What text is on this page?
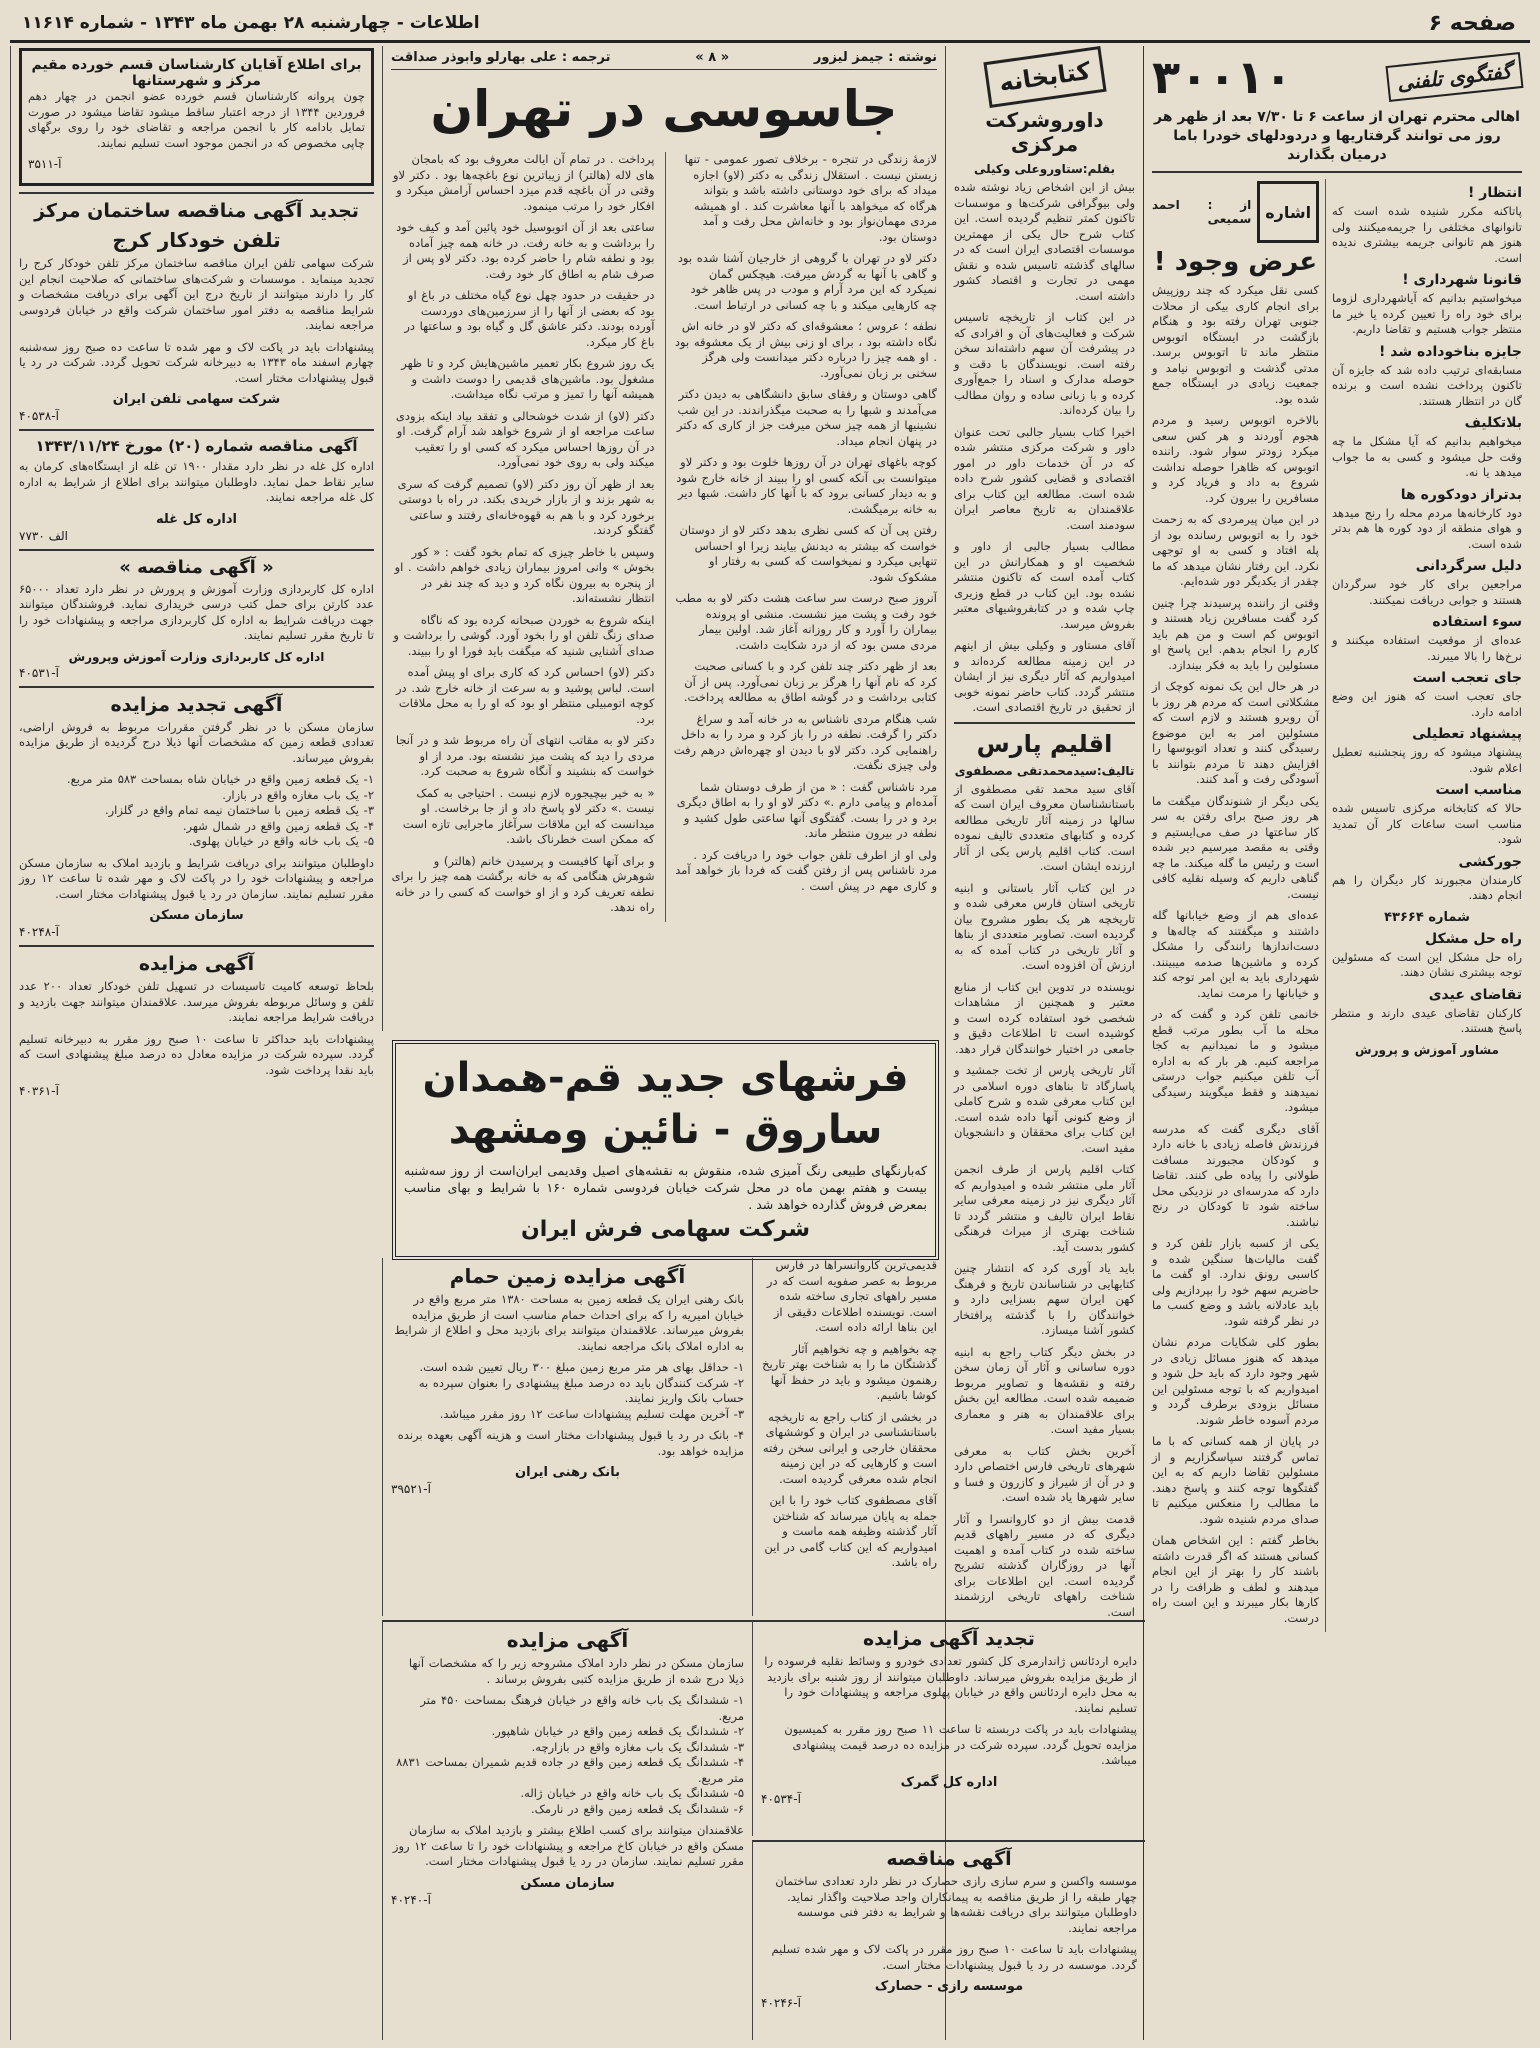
صفحه ۶
اطلاعات - چهارشنبه ۲۸ بهمن ماه ۱۳۴۳ - شماره ۱۱۶۱۴
گفتگوی تلفنی
۳۰۰۱۰
اهالی محترم تهران از ساعت ۶ تا ۷/۳۰ بعد از ظهر هر روز می توانند گرفتاریها و دردودلهای خودرا باما درمیان بگذارند
انتظار !

پاتاکنه مکرر شنیده شده است که تانوانهای مختلفی را جریمه‌میکنند ولی هنوز هم تانوانی جریمه بیشتری ندیده است.

قانونا شهرداری !

میخواستیم بدانیم که آیاشهرداری لزوما برای خود راه را تعیین کرده یا خیر ما منتظر جواب هستیم و تقاضا داریم.

جایزه بناخوداده شد !

مسابقه‌ای ترتیب داده شد که جایزه آن تاکنون پرداخت نشده است و برنده گان در انتظار هستند.

بلاتکلیف

میخواهیم بدانیم که آیا مشکل ما چه وقت حل میشود و کسی به ما جواب میدهد یا نه.

بدتراز دودکوره ها

دود کارخانه‌ها مردم محله را رنج میدهد و هوای منطقه از دود کوره ها هم بدتر شده است.

دلیل سرگردانی

مراجعین برای کار خود سرگردان هستند و جوابی دریافت نمیکنند.

سوء استفاده

عده‌ای از موقعیت استفاده میکنند و نرخ‌ها را بالا میبرند.

جای تعجب است

جای تعجب است که هنوز این وضع ادامه دارد.

پیشنهاد تعطیلی

پیشنهاد میشود که روز پنجشنبه تعطیل اعلام شود.

مناسب است

حالا که کتابخانه مرکزی تاسیس شده مناسب است ساعات کار آن تمدید شود.

جورکشی

کارمندان مجبورند کار دیگران را هم انجام دهند.

شماره ۴۳۶۶۴
راه حل مشکل

راه حل مشکل این است که مسئولین توجه بیشتری نشان دهند.

تقاضای عیدی

کارکنان تقاضای عیدی دارند و منتظر پاسخ هستند.

مشاور آموزش و پرورش
اشاره
از : احمد سمیعی
عرض وجود !

کسی نقل میکرد که چند روزپیش برای انجام کاری بیکی از محلات جنوبی تهران رفته بود و هنگام بازگشت در ایستگاه اتوبوس منتظر ماند تا اتوبوس برسد. مدتی گذشت و اتوبوس نیامد و جمعیت زیادی در ایستگاه جمع شده بود.

بالاخره اتوبوس رسید و مردم هجوم آوردند و هر کس سعی میکرد زودتر سوار شود. راننده اتوبوس که ظاهرا حوصله نداشت شروع به داد و فریاد کرد و مسافرین را بیرون کرد.

در این میان پیرمردی که به زحمت خود را به اتوبوس رسانده بود از پله افتاد و کسی به او توجهی نکرد. این رفتار نشان میدهد که ما چقدر از یکدیگر دور شده‌ایم.

وقتی از راننده پرسیدند چرا چنین کرد گفت مسافرین زیاد هستند و اتوبوس کم است و من هم باید کارم را انجام بدهم. این پاسخ او مسئولین را باید به فکر بیندازد.

در هر حال این یک نمونه کوچک از مشکلاتی است که مردم هر روز با آن روبرو هستند و لازم است که مسئولین امر به این موضوع رسیدگی کنند و تعداد اتوبوسها را افزایش دهند تا مردم بتوانند با آسودگی رفت و آمد کنند.

یکی دیگر از شنوندگان میگفت ما هر روز صبح برای رفتن به سر کار ساعتها در صف می‌ایستیم و وقتی به مقصد میرسیم دیر شده است و رئیس ما گله میکند. ما چه گناهی داریم که وسیله نقلیه کافی نیست.

عده‌ای هم از وضع خیابانها گله داشتند و میگفتند که چاله‌ها و دست‌اندازها رانندگی را مشکل کرده و ماشین‌ها صدمه میبینند. شهرداری باید به این امر توجه کند و خیابانها را مرمت نماید.

خانمی تلفن کرد و گفت که در محله ما آب بطور مرتب قطع میشود و ما نمیدانیم به کجا مراجعه کنیم. هر بار که به اداره آب تلفن میکنیم جواب درستی نمیدهند و فقط میگویند رسیدگی میشود.

آقای دیگری گفت که مدرسه فرزندش فاصله زیادی با خانه دارد و کودکان مجبورند مسافت طولانی را پیاده طی کنند. تقاضا دارد که مدرسه‌ای در نزدیکی محل ساخته شود تا کودکان در رنج نباشند.

یکی از کسبه بازار تلفن کرد و گفت مالیات‌ها سنگین شده و کاسبی رونق ندارد. او گفت ما حاضریم سهم خود را بپردازیم ولی باید عادلانه باشد و وضع کسب ما در نظر گرفته شود.

بطور کلی شکایات مردم نشان میدهد که هنوز مسائل زیادی در شهر وجود دارد که باید حل شود و امیدواریم که با توجه مسئولین این مسائل بزودی برطرف گردد و مردم آسوده خاطر شوند.

در پایان از همه کسانی که با ما تماس گرفتند سپاسگزاریم و از مسئولین تقاضا داریم که به این گفتگوها توجه کنند و پاسخ دهند. ما مطالب را منعکس میکنیم تا صدای مردم شنیده شود.

بخاطر گفتم : این اشخاص همان کسانی هستند که اگر قدرت داشته باشند کار را بهتر از این انجام میدهند و لطف و ظرافت را در کارها بکار میبرند و این است راه درست.

کتابخانه
داوروشرکت مرکزی
بقلم:ستاوروعلی وکیلی

بیش از این اشخاص زیاد نوشته شده ولی بیوگرافی شرکت‌ها و موسسات تاکنون کمتر تنظیم گردیده است. این کتاب شرح حال یکی از مهمترین موسسات اقتصادی ایران است که در سالهای گذشته تاسیس شده و نقش مهمی در تجارت و اقتصاد کشور داشته است.

در این کتاب از تاریخچه تاسیس شرکت و فعالیت‌های آن و افرادی که در پیشرفت آن سهم داشته‌اند سخن رفته است. نویسندگان با دقت و حوصله مدارک و اسناد را جمع‌آوری کرده و با زبانی ساده و روان مطالب را بیان کرده‌اند.

اخیرا کتاب بسیار جالبی تحت عنوان داور و شرکت مرکزی منتشر شده که در آن خدمات داور در امور اقتصادی و قضایی کشور شرح داده شده است. مطالعه این کتاب برای علاقمندان به تاریخ معاصر ایران سودمند است.

مطالب بسیار جالبی از داور و شخصیت او و همکارانش در این کتاب آمده است که تاکنون منتشر نشده بود. این کتاب در قطع وزیری چاپ شده و در کتابفروشیهای معتبر بفروش میرسد.

آقای مستاور و وکیلی بیش از اینهم در این زمینه مطالعه کرده‌اند و امیدواریم که آثار دیگری نیز از ایشان منتشر گردد. کتاب حاضر نمونه خوبی از تحقیق در تاریخ اقتصادی است.

اقلیم پارس
تالیف:سیدمحمدتقی مصطفوی

آقای سید محمد تقی مصطفوی از باستانشناسان معروف ایران است که سالها در زمینه آثار تاریخی مطالعه کرده و کتابهای متعددی تالیف نموده است. کتاب اقلیم پارس یکی از آثار ارزنده ایشان است.

در این کتاب آثار باستانی و ابنیه تاریخی استان فارس معرفی شده و تاریخچه هر یک بطور مشروح بیان گردیده است. تصاویر متعددی از بناها و آثار تاریخی در کتاب آمده که به ارزش آن افزوده است.

نویسنده در تدوین این کتاب از منابع معتبر و همچنین از مشاهدات شخصی خود استفاده کرده است و کوشیده است تا اطلاعات دقیق و جامعی در اختیار خوانندگان قرار دهد.

آثار تاریخی پارس از تخت جمشید و پاسارگاد تا بناهای دوره اسلامی در این کتاب معرفی شده و شرح کاملی از وضع کنونی آنها داده شده است. این کتاب برای محققان و دانشجویان مفید است.

کتاب اقلیم پارس از طرف انجمن آثار ملی منتشر شده و امیدواریم که آثار دیگری نیز در زمینه معرفی سایر نقاط ایران تالیف و منتشر گردد تا شناخت بهتری از میراث فرهنگی کشور بدست آید.

باید یاد آوری کرد که انتشار چنین کتابهایی در شناساندن تاریخ و فرهنگ کهن ایران سهم بسزایی دارد و خوانندگان را با گذشته پرافتخار کشور آشنا میسازد.

در بخش دیگر کتاب راجع به ابنیه دوره ساسانی و آثار آن زمان سخن رفته و نقشه‌ها و تصاویر مربوط ضمیمه شده است. مطالعه این بخش برای علاقمندان به هنر و معماری بسیار مفید است.

آخرین بخش کتاب به معرفی شهرهای تاریخی فارس اختصاص دارد و در آن از شیراز و کازرون و فسا و سایر شهرها یاد شده است.

قدمت بیش از دو کاروانسرا و آثار دیگری که در مسیر راههای قدیم ساخته شده در کتاب آمده و اهمیت آنها در روزگاران گذشته تشریح گردیده است. این اطلاعات برای شناخت راههای تاریخی ارزشمند است.

نوشته : جیمز لیزور
« ۸ »
ترجمه : علی بهارلو وابوذر صداقت
جاسوسی در تهران

لازمهٔ زندگی در تنجره - برخلاف تصور عمومی - تنها زیستن نیست . استقلال زندگی به دکتر (لاو) اجازه میداد که برای خود دوستانی داشته باشد و بتواند هرگاه که میخواهد با آنها معاشرت کند . او همیشه مردی مهمان‌نواز بود و خانه‌اش محل رفت و آمد دوستان بود.

دکتر لاو در تهران با گروهی از خارجیان آشنا شده بود و گاهی با آنها به گردش میرفت. هیچکس گمان نمیکرد که این مرد آرام و مودب در پس ظاهر خود چه کارهایی میکند و با چه کسانی در ارتباط است.

نطفه ؛ عروس ؛ معشوقه‌ای که دکتر لاو در خانه اش نگاه داشته بود ، برای او زنی بیش از یک معشوقه بود . او همه چیز را درباره دکتر میدانست ولی هرگز سخنی بر زبان نمی‌آورد.

گاهی دوستان و رفقای سابق دانشگاهی به دیدن دکتر می‌آمدند و شبها را به صحبت میگذراندند. در این شب نشینیها از همه چیز سخن میرفت جز از کاری که دکتر در پنهان انجام میداد.

کوچه باغهای تهران در آن روزها خلوت بود و دکتر لاو میتوانست بی آنکه کسی او را ببیند از خانه خارج شود و به دیدار کسانی برود که با آنها کار داشت. شبها دیر به خانه برمیگشت.

رفتن پی آن که کسی نظری بدهد دکتر لاو از دوستان خواست که بیشتر به دیدنش بیایند زیرا او احساس تنهایی میکرد و نمیخواست که کسی به رفتار او مشکوک شود.

آنروز صبح درست سر ساعت هشت دکتر لاو به مطب خود رفت و پشت میز نشست. منشی او پرونده بیماران را آورد و کار روزانه آغاز شد. اولین بیمار مردی مسن بود که از درد شکایت داشت.

بعد از ظهر دکتر چند تلفن کرد و با کسانی صحبت کرد که نام آنها را هرگز بر زبان نمی‌آورد. پس از آن کتابی برداشت و در گوشه اطاق به مطالعه پرداخت.

شب هنگام مردی ناشناس به در خانه آمد و سراغ دکتر را گرفت. نطفه در را باز کرد و مرد را به داخل راهنمایی کرد. دکتر لاو با دیدن او چهره‌اش درهم رفت ولی چیزی نگفت.

مرد ناشناس گفت : « من از طرف دوستان شما آمده‌ام و پیامی دارم .» دکتر لاو او را به اطاق دیگری برد و در را بست. گفتگوی آنها ساعتی طول کشید و نطفه در بیرون منتظر ماند.

ولی او از اطرف تلفن جواب خود را دریافت کرد . مرد ناشناس پس از رفتن گفت که فردا باز خواهد آمد و کاری مهم در پیش است .

پرداخت . در تمام آن ایالت معروف بود که بامجان های لاله (هالتر) از زیباترین نوع باغچه‌ها بود . دکتر لاو وقتی در آن باغچه قدم میزد احساس آرامش میکرد و افکار خود را مرتب مینمود.

ساعتی بعد از آن اتوبوسیل خود پائین آمد و کیف خود را برداشت و به خانه رفت. در خانه همه چیز آماده بود و نطفه شام را حاضر کرده بود. دکتر لاو پس از صرف شام به اطاق کار خود رفت.

در حقیقت در حدود چهل نوع گیاه مختلف در باغ او بود که بعضی از آنها را از سرزمین‌های دوردست آورده بودند. دکتر عاشق گل و گیاه بود و ساعتها در باغ کار میکرد.

یک روز شروع بکار تعمیر ماشین‌هایش کرد و تا ظهر مشغول بود. ماشین‌های قدیمی را دوست داشت و همیشه آنها را تمیز و مرتب نگاه میداشت.

دکتر (لاو) از شدت خوشحالی و تفقد بیاد اینکه بزودی ساعت مراجعه او از شروع خواهد شد آرام گرفت. او در آن روزها احساس میکرد که کسی او را تعقیب میکند ولی به روی خود نمی‌آورد.

بعد از ظهر آن روز دکتر (لاو) تصمیم گرفت که سری به شهر بزند و از بازار خریدی بکند. در راه با دوستی برخورد کرد و با هم به قهوه‌خانه‌ای رفتند و ساعتی گفتگو کردند.

وسپس با خاطر چیزی که تمام بخود گفت : « کور بخوش » وانی امروز بیماران زیادی خواهم داشت . او از پنجره به بیرون نگاه کرد و دید که چند نفر در انتظار نشسته‌اند.

اینکه شروع به خوردن صبحانه کرده بود که ناگاه صدای زنگ تلفن او را بخود آورد. گوشی را برداشت و صدای آشنایی شنید که میگفت باید فورا او را ببیند.

دکتر (لاو) احساس کرد که کاری برای او پیش آمده است. لباس پوشید و به سرعت از خانه خارج شد. در کوچه اتومبیلی منتظر او بود که او را به محل ملاقات برد.

دکتر لاو به مقاتب انتهای آن راه مربوط شد و در آنجا مردی را دید که پشت میز نشسته بود. مرد از او خواست که بنشیند و آنگاه شروع به صحبت کرد.

« به خیر بیچیجوره لازم نیست . احتیاجی به کمک نیست .» دکتر لاو پاسخ داد و از جا برخاست. او میدانست که این ملاقات سرآغاز ماجرایی تازه است که ممکن است خطرناک باشد.

و برای آنها کافیست و پرسیدن خانم (هالتر) و شوهرش هنگامی که به خانه برگشت همه چیز را برای نطفه تعریف کرد و از او خواست که کسی را در خانه راه ندهد.

فرشهای جدید قم-همدان
ساروق - نائین ومشهد
کەبارنگهای طبیعی رنگ آمیزی شده، منقوش به نقشه‌های اصیل وقدیمی ایران‌است از روز سه‌شنبه بیست و هفتم بهمن ماه در محل شرکت خیابان فردوسی شماره ۱۶۰ با شرایط و بهای مناسب بمعرض فروش گذارده خواهد شد .
شرکت سهامی فرش ایران
برای اطلاع آقایان کارشناسان قسم خورده مقیم مرکز و شهرستانها

چون پروانه کارشناسان قسم خورده عضو انجمن در چهار دهم فروردین ۱۳۴۴ از درجه اعتبار ساقط میشود تقاضا میشود در صورت تمایل بادامه کار با انجمن مراجعه و تقاضای خود را روی برگهای چاپی مخصوص که در انجمن موجود است تسلیم نمایند.

آ-۳۵۱۱
تجدید آگهی مناقصه ساختمان مرکز
تلفن خودکار کرج

شرکت سهامی تلفن ایران مناقصه ساختمان مرکز تلفن خودکار کرج را تجدید مینماید . موسسات و شرکت‌های ساختمانی که صلاحیت انجام این کار را دارند میتوانند از تاریخ درج این آگهی برای دریافت مشخصات و شرایط مناقصه به دفتر امور ساختمان شرکت واقع در خیابان فردوسی مراجعه نمایند.

پیشنهادات باید در پاکت لاک و مهر شده تا ساعت ده صبح روز سه‌شنبه چهارم اسفند ماه ۱۳۴۳ به دبیرخانه شرکت تحویل گردد. شرکت در رد یا قبول پیشنهادات مختار است.

شرکت سهامی تلفن ایران
آ-۴۰۵۳۸
آگهی مناقصه شماره (۲۰) مورخ ۱۳۴۳/۱۱/۲۴

اداره کل غله در نظر دارد مقدار ۱۹۰۰ تن غله از ایستگاه‌های کرمان به سایر نقاط حمل نماید. داوطلبان میتوانند برای اطلاع از شرایط به اداره کل غله مراجعه نمایند.

اداره کل غله
الف ۷۷۳۰
« آگهی مناقصه »

اداره کل کاربردازی وزارت آموزش و پرورش در نظر دارد تعداد ۶۵۰۰۰ عدد کارتن برای حمل کتب درسی خریداری نماید. فروشندگان میتوانند جهت دریافت شرایط به اداره کل کاربردازی مراجعه و پیشنهادات خود را تا تاریخ مقرر تسلیم نمایند.

اداره کل کاربردازی وزارت آموزش وپرورش
آ-۴۰۵۳۱
آگهی تجدید مزایده

سازمان مسکن با در نظر گرفتن مقررات مربوط به فروش اراضی، تعدادی قطعه زمین که مشخصات آنها ذیلا درج گردیده از طریق مزایده بفروش میرساند.

۱- یک قطعه زمین واقع در خیابان شاه بمساحت ۵۸۳ متر مربع.
۲- یک باب مغازه واقع در بازار.
۳- یک قطعه زمین با ساختمان نیمه تمام واقع در گلزار.
۴- یک قطعه زمین واقع در شمال شهر.
۵- یک باب خانه واقع در خیابان پهلوی.

داوطلبان میتوانند برای دریافت شرایط و بازدید املاک به سازمان مسکن مراجعه و پیشنهادات خود را در پاکت لاک و مهر شده تا ساعت ۱۲ روز مقرر تسلیم نمایند. سازمان در رد یا قبول پیشنهادات مختار است.

سازمان مسکن
آ-۴۰۲۴۸
آگهی مزایده

بلحاظ توسعه کامیت تاسیسات در تسهیل تلفن خودکار تعداد ۲۰۰ عدد تلفن و وسائل مربوطه بفروش میرسد. علاقمندان میتوانند جهت بازدید و دریافت شرایط مراجعه نمایند.

پیشنهادات باید حداکثر تا ساعت ۱۰ صبح روز مقرر به دبیرخانه تسلیم گردد. سپرده شرکت در مزایده معادل ده درصد مبلغ پیشنهادی است که باید نقدا پرداخت شود.

آ-۴۰۳۶۱
آگهی مزایده زمین حمام

بانک رهنی ایران یک قطعه زمین به مساحت ۱۳۸۰ متر مربع واقع در خیابان امیریه را که برای احداث حمام مناسب است از طریق مزایده بفروش میرساند. علاقمندان میتوانند برای بازدید محل و اطلاع از شرایط به اداره املاک بانک مراجعه نمایند.

۱- حداقل بهای هر متر مربع زمین مبلغ ۳۰۰ ریال تعیین شده است.
۲- شرکت کنندگان باید ده درصد مبلغ پیشنهادی را بعنوان سپرده به حساب بانک واریز نمایند.
۳- آخرین مهلت تسلیم پیشنهادات ساعت ۱۲ روز مقرر میباشد.

۴- بانک در رد یا قبول پیشنهادات مختار است و هزینه آگهی بعهده برنده مزایده خواهد بود.

بانک رهنی ایران
آ-۳۹۵۲۱

قدیمی‌ترین کاروانسراها در فارس مربوط به عصر صفویه است که در مسیر راههای تجاری ساخته شده است. نویسنده اطلاعات دقیقی از این بناها ارائه داده است.

چه بخواهیم و چه نخواهیم آثار گذشتگان ما را به شناخت بهتر تاریخ رهنمون میشود و باید در حفظ آنها کوشا باشیم.

در بخشی از کتاب راجع به تاریخچه باستانشناسی در ایران و کوششهای محققان خارجی و ایرانی سخن رفته است و کارهایی که در این زمینه انجام شده معرفی گردیده است.

آقای مصطفوی کتاب خود را با این جمله به پایان میرساند که شناختن آثار گذشته وظیفه همه ماست و امیدواریم که این کتاب گامی در این راه باشد.

تجدید آگهی مزایده

دایره اردئانس ژاندارمری کل کشور تعدادی خودرو و وسائط نقلیه فرسوده را از طریق مزایده بفروش میرساند. داوطلبان میتوانند از روز شنبه برای بازدید به محل دایره اردئانس واقع در خیابان پهلوی مراجعه و پیشنهادات خود را تسلیم نمایند.

پیشنهادات باید در پاکت دربسته تا ساعت ۱۱ صبح روز مقرر به کمیسیون مزایده تحویل گردد. سپرده شرکت در مزایده ده درصد قیمت پیشنهادی میباشد.

اداره کل گمرک
آ-۴۰۵۳۴
آگهی مزایده

سازمان مسکن در نظر دارد املاک مشروحه زیر را که مشخصات آنها ذیلا درج شده از طریق مزایده کتبی بفروش برساند .

۱- ششدانگ یک باب خانه واقع در خیابان فرهنگ بمساحت ۴۵۰ متر مربع.
۲- ششدانگ یک قطعه زمین واقع در خیابان شاهپور.
۳- ششدانگ یک باب مغازه واقع در بازارچه.
۴- ششدانگ یک قطعه زمین واقع در جاده قدیم شمیران بمساحت ۸۸۳۱ متر مربع.
۵- ششدانگ یک باب خانه واقع در خیابان ژاله.
۶- ششدانگ یک قطعه زمین واقع در نارمک.

علاقمندان میتوانند برای کسب اطلاع بیشتر و بازدید املاک به سازمان مسکن واقع در خیابان کاخ مراجعه و پیشنهادات خود را تا ساعت ۱۲ روز مقرر تسلیم نمایند. سازمان در رد یا قبول پیشنهادات مختار است.

سازمان مسکن
آ-۴۰۲۴۰
آگهی مناقصه

موسسه واکسن و سرم سازی رازی حصارک در نظر دارد تعدادی ساختمان چهار طبقه را از طریق مناقصه به پیمانکاران واجد صلاحیت واگذار نماید. داوطلبان میتوانند برای دریافت نقشه‌ها و شرایط به دفتر فنی موسسه مراجعه نمایند.

پیشنهادات باید تا ساعت ۱۰ صبح روز مقرر در پاکت لاک و مهر شده تسلیم گردد. موسسه در رد یا قبول پیشنهادات مختار است.

موسسه رازی - حصارک
آ-۴۰۲۴۶
